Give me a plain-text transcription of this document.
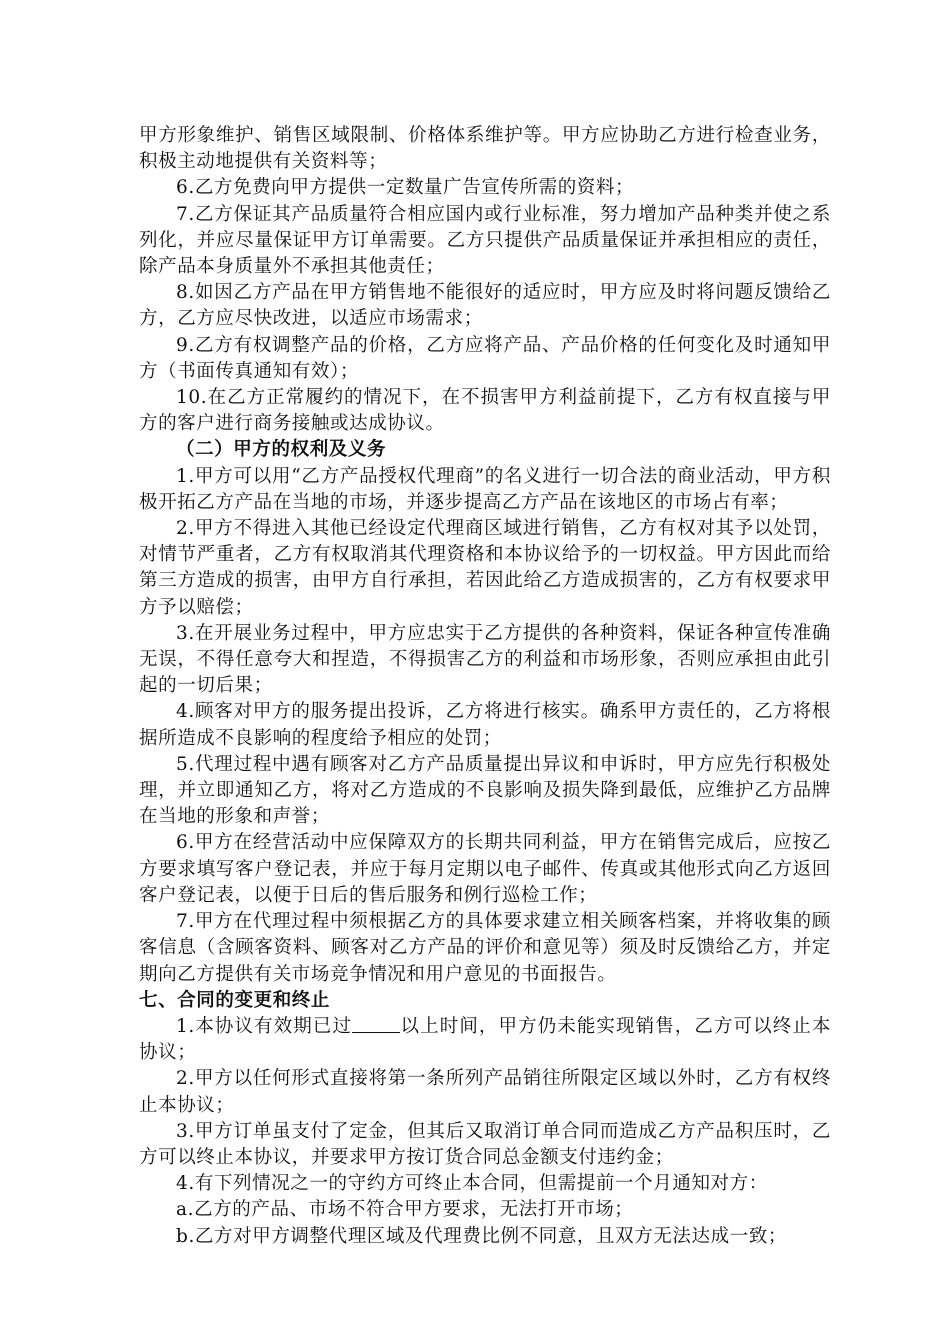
甲方形象维护、销售区域限制、价格体系维护等。甲方应协助乙方进行检查业务，积极主动地提供有关资料等；

6.乙方免费向甲方提供一定数量广告宣传所需的资料；

7.乙方保证其产品质量符合相应国内或行业标准，努力增加产品种类并使之系列化，并应尽量保证甲方订单需要。乙方只提供产品质量保证并承担相应的责任，除产品本身质量外不承担其他责任；

8.如因乙方产品在甲方销售地不能很好的适应时，甲方应及时将问题反馈给乙方，乙方应尽快改进，以适应市场需求；

9.乙方有权调整产品的价格，乙方应将产品、产品价格的任何变化及时通知甲方（书面传真通知有效）；

10.在乙方正常履约的情况下，在不损害甲方利益前提下，乙方有权直接与甲方的客户进行商务接触或达成协议。

（二）甲方的权利及义务

1.甲方可以用“乙方产品授权代理商”的名义进行一切合法的商业活动，甲方积极开拓乙方产品在当地的市场，并逐步提高乙方产品在该地区的市场占有率；

2.甲方不得进入其他已经设定代理商区域进行销售，乙方有权对其予以处罚，对情节严重者，乙方有权取消其代理资格和本协议给予的一切权益。甲方因此而给第三方造成的损害，由甲方自行承担，若因此给乙方造成损害的，乙方有权要求甲方予以赔偿；

3.在开展业务过程中，甲方应忠实于乙方提供的各种资料，保证各种宣传准确无误，不得任意夸大和捏造，不得损害乙方的利益和市场形象，否则应承担由此引起的一切后果；

4.顾客对甲方的服务提出投诉，乙方将进行核实。确系甲方责任的，乙方将根据所造成不良影响的程度给予相应的处罚；

5.代理过程中遇有顾客对乙方产品质量提出异议和申诉时，甲方应先行积极处理，并立即通知乙方，将对乙方造成的不良影响及损失降到最低，应维护乙方品牌在当地的形象和声誉；

6.甲方在经营活动中应保障双方的长期共同利益，甲方在销售完成后，应按乙方要求填写客户登记表，并应于每月定期以电子邮件、传真或其他形式向乙方返回客户登记表，以便于日后的售后服务和例行巡检工作；

7.甲方在代理过程中须根据乙方的具体要求建立相关顾客档案，并将收集的顾客信息（含顾客资料、顾客对乙方产品的评价和意见等）须及时反馈给乙方，并定期向乙方提供有关市场竞争情况和用户意见的书面报告。

七、合同的变更和终止

1.本协议有效期已过	以上时间，甲方仍未能实现销售，乙方可以终止本协议；

2.甲方以任何形式直接将第一条所列产品销往所限定区域以外时，乙方有权终止本协议；

3.甲方订单虽支付了定金，但其后又取消订单合同而造成乙方产品积压时，乙方可以终止本协议，并要求甲方按订货合同总金额支付违约金；

4.有下列情况之一的守约方可终止本合同，但需提前一个月通知对方：

a.乙方的产品、市场不符合甲方要求，无法打开市场；

b.乙方对甲方调整代理区域及代理费比例不同意，且双方无法达成一致；
